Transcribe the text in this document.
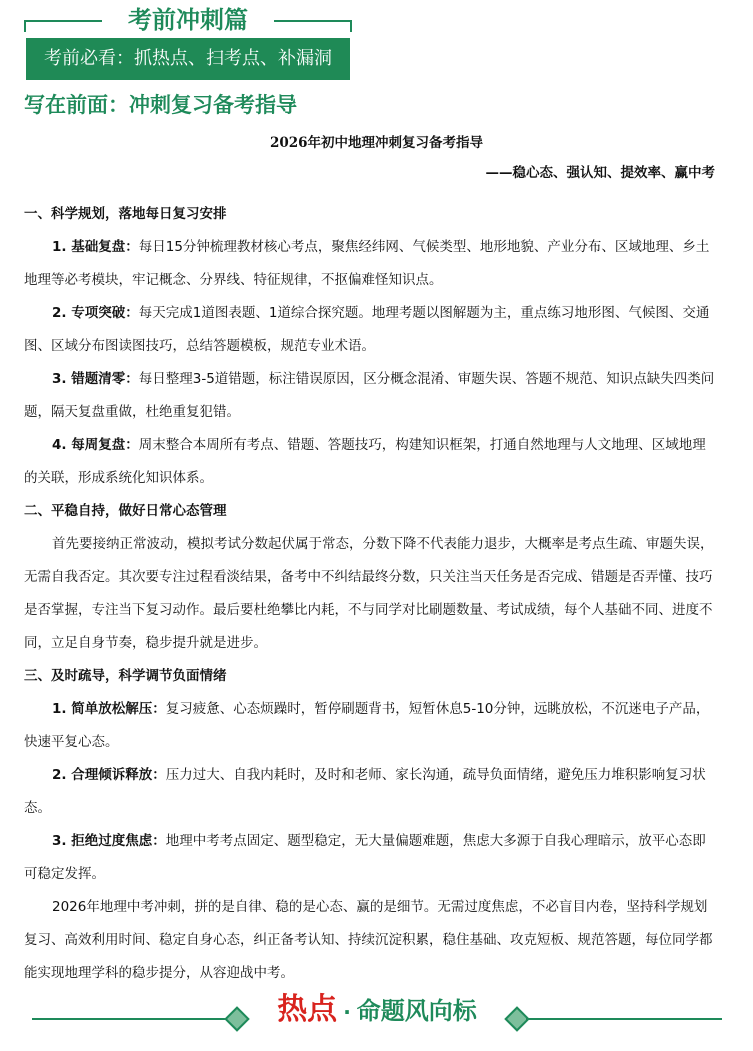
考前冲刺篇
考前必看：抓热点、扫考点、补漏洞
写在前面：冲刺复习备考指导
2026年初中地理冲刺复习备考指导
——稳心态、强认知、提效率、赢中考

一、科学规划，落地每日复习安排

1. 基础复盘：每日15分钟梳理教材核心考点，聚焦经纬网、气候类型、地形地貌、产业分布、区域地理、乡土地理等必考模块，牢记概念、分界线、特征规律，不抠偏难怪知识点。

2. 专项突破：每天完成1道图表题、1道综合探究题。地理考题以图解题为主，重点练习地形图、气候图、交通图、区域分布图读图技巧，总结答题模板，规范专业术语。

3. 错题清零：每日整理3-5道错题，标注错误原因，区分概念混淆、审题失误、答题不规范、知识点缺失四类问题，隔天复盘重做，杜绝重复犯错。

4. 每周复盘：周末整合本周所有考点、错题、答题技巧，构建知识框架，打通自然地理与人文地理、区域地理的关联，形成系统化知识体系。

二、平稳自持，做好日常心态管理

首先要接纳正常波动，模拟考试分数起伏属于常态，分数下降不代表能力退步，大概率是考点生疏、审题失误，无需自我否定。其次要专注过程看淡结果，备考中不纠结最终分数，只关注当天任务是否完成、错题是否弄懂、技巧是否掌握，专注当下复习动作。最后要杜绝攀比内耗，不与同学对比刷题数量、考试成绩，每个人基础不同、进度不同，立足自身节奏，稳步提升就是进步。

三、及时疏导，科学调节负面情绪

1. 简单放松解压：复习疲惫、心态烦躁时，暂停刷题背书，短暂休息5-10分钟，远眺放松，不沉迷电子产品，快速平复心态。

2. 合理倾诉释放：压力过大、自我内耗时，及时和老师、家长沟通，疏导负面情绪，避免压力堆积影响复习状态。

3. 拒绝过度焦虑：地理中考考点固定、题型稳定，无大量偏题难题，焦虑大多源于自我心理暗示，放平心态即可稳定发挥。

2026年地理中考冲刺，拼的是自律、稳的是心态、赢的是细节。无需过度焦虑，不必盲目内卷，坚持科学规划复习、高效利用时间、稳定自身心态，纠正备考认知、持续沉淀积累，稳住基础、攻克短板、规范答题，每位同学都能实现地理学科的稳步提分，从容迎战中考。

热点 · 命题风向标
